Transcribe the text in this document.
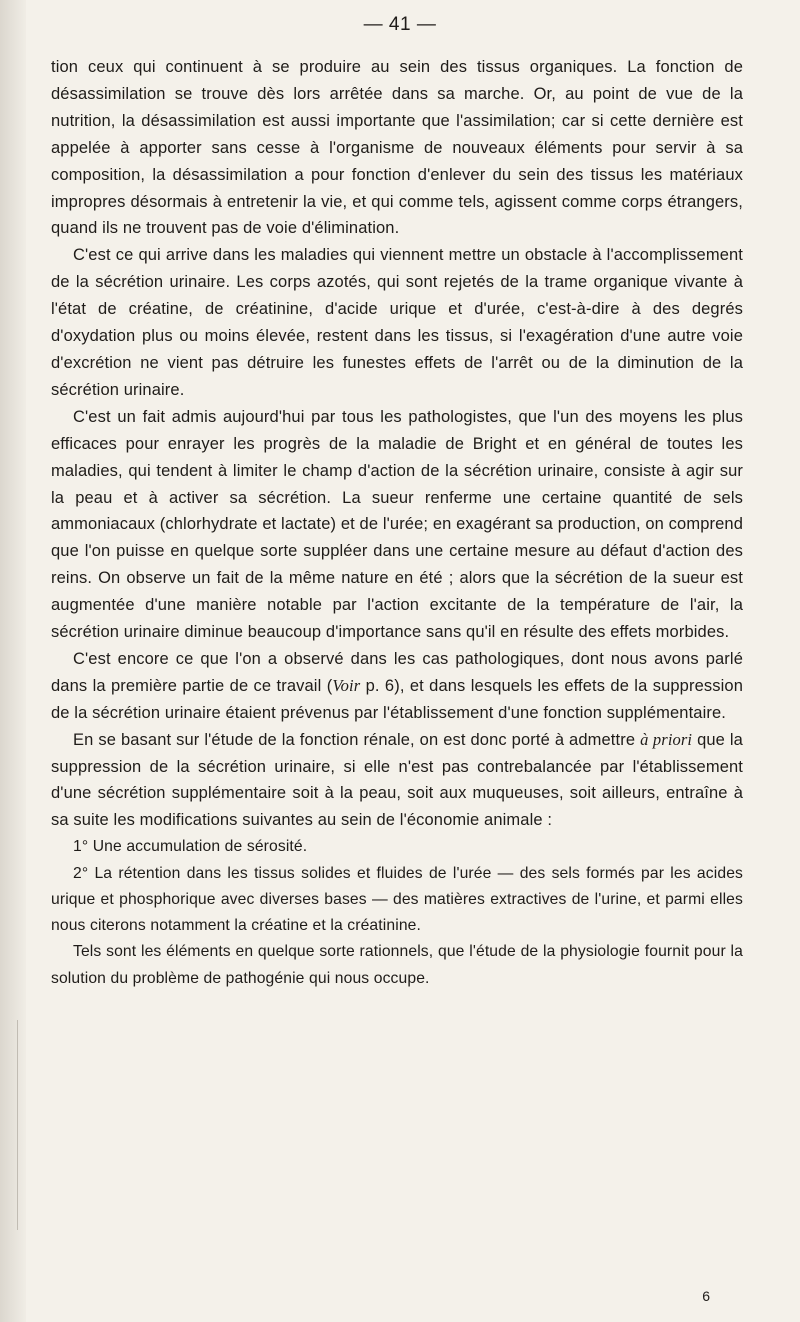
— 41 —

tion ceux qui continuent à se produire au sein des tissus organiques. La fonction de désassimilation se trouve dès lors arrêtée dans sa marche. Or, au point de vue de la nutrition, la désassimilation est aussi importante que l'assimilation; car si cette dernière est appelée à apporter sans cesse à l'organisme de nouveaux éléments pour servir à sa composition, la désassimilation a pour fonction d'enlever du sein des tissus les matériaux impropres désormais à entretenir la vie, et qui comme tels, agissent comme corps étrangers, quand ils ne trouvent pas de voie d'élimination.

C'est ce qui arrive dans les maladies qui viennent mettre un obstacle à l'accomplissement de la sécrétion urinaire. Les corps azotés, qui sont rejetés de la trame organique vivante à l'état de créatine, de créatinine, d'acide urique et d'urée, c'est-à-dire à des degrés d'oxydation plus ou moins élevée, restent dans les tissus, si l'exagération d'une autre voie d'excrétion ne vient pas détruire les funestes effets de l'arrêt ou de la diminution de la sécrétion urinaire.

C'est un fait admis aujourd'hui par tous les pathologistes, que l'un des moyens les plus efficaces pour enrayer les progrès de la maladie de Bright et en général de toutes les maladies, qui tendent à limiter le champ d'action de la sécrétion urinaire, consiste à agir sur la peau et à activer sa sécrétion. La sueur renferme une certaine quantité de sels ammoniacaux (chlorhydrate et lactate) et de l'urée; en exagérant sa production, on comprend que l'on puisse en quelque sorte suppléer dans une certaine mesure au défaut d'action des reins. On observe un fait de la même nature en été ; alors que la sécrétion de la sueur est augmentée d'une manière notable par l'action excitante de la température de l'air, la sécrétion urinaire diminue beaucoup d'importance sans qu'il en résulte des effets morbides.

C'est encore ce que l'on a observé dans les cas pathologiques, dont nous avons parlé dans la première partie de ce travail (Voir p. 6), et dans lesquels les effets de la suppression de la sécrétion urinaire étaient prévenus par l'établissement d'une fonction supplémentaire.

En se basant sur l'étude de la fonction rénale, on est donc porté à admettre à priori que la suppression de la sécrétion urinaire, si elle n'est pas contrebalancée par l'établissement d'une sécrétion supplémentaire soit à la peau, soit aux muqueuses, soit ailleurs, entraîne à sa suite les modifications suivantes au sein de l'économie animale :

1° Une accumulation de sérosité.

2° La rétention dans les tissus solides et fluides de l'urée — des sels formés par les acides urique et phosphorique avec diverses bases — des matières extractives de l'urine, et parmi elles nous citerons notamment la créatine et la créatinine.

Tels sont les éléments en quelque sorte rationnels, que l'étude de la physiologie fournit pour la solution du problème de pathogénie qui nous occupe.

6
